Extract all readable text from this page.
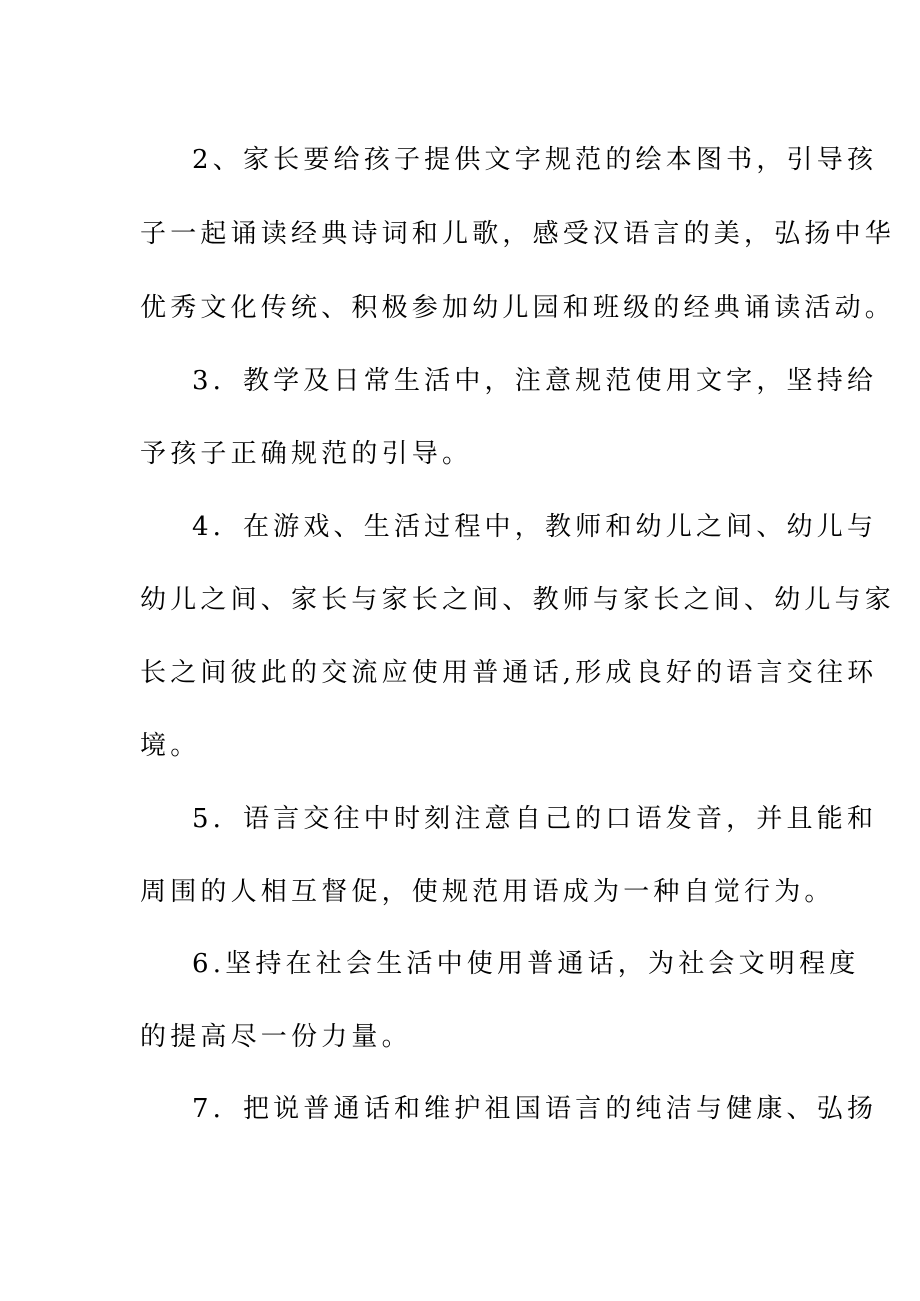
2、家长要给孩子提供文字规范的绘本图书，引导孩
子一起诵读经典诗词和儿歌，感受汉语言的美，弘扬中华
优秀文化传统、积极参加幼儿园和班级的经典诵读活动。
3．教学及日常生活中，注意规范使用文字，坚持给
予孩子正确规范的引导。
4．在游戏、生活过程中，教师和幼儿之间、幼儿与
幼儿之间、家长与家长之间、教师与家长之间、幼儿与家
长之间彼此的交流应使用普通话,形成良好的语言交往环
境。
5．语言交往中时刻注意自己的口语发音，并且能和
周围的人相互督促，使规范用语成为一种自觉行为。
6.坚持在社会生活中使用普通话，为社会文明程度
的提高尽一份力量。
7．把说普通话和维护祖国语言的纯洁与健康、弘扬
